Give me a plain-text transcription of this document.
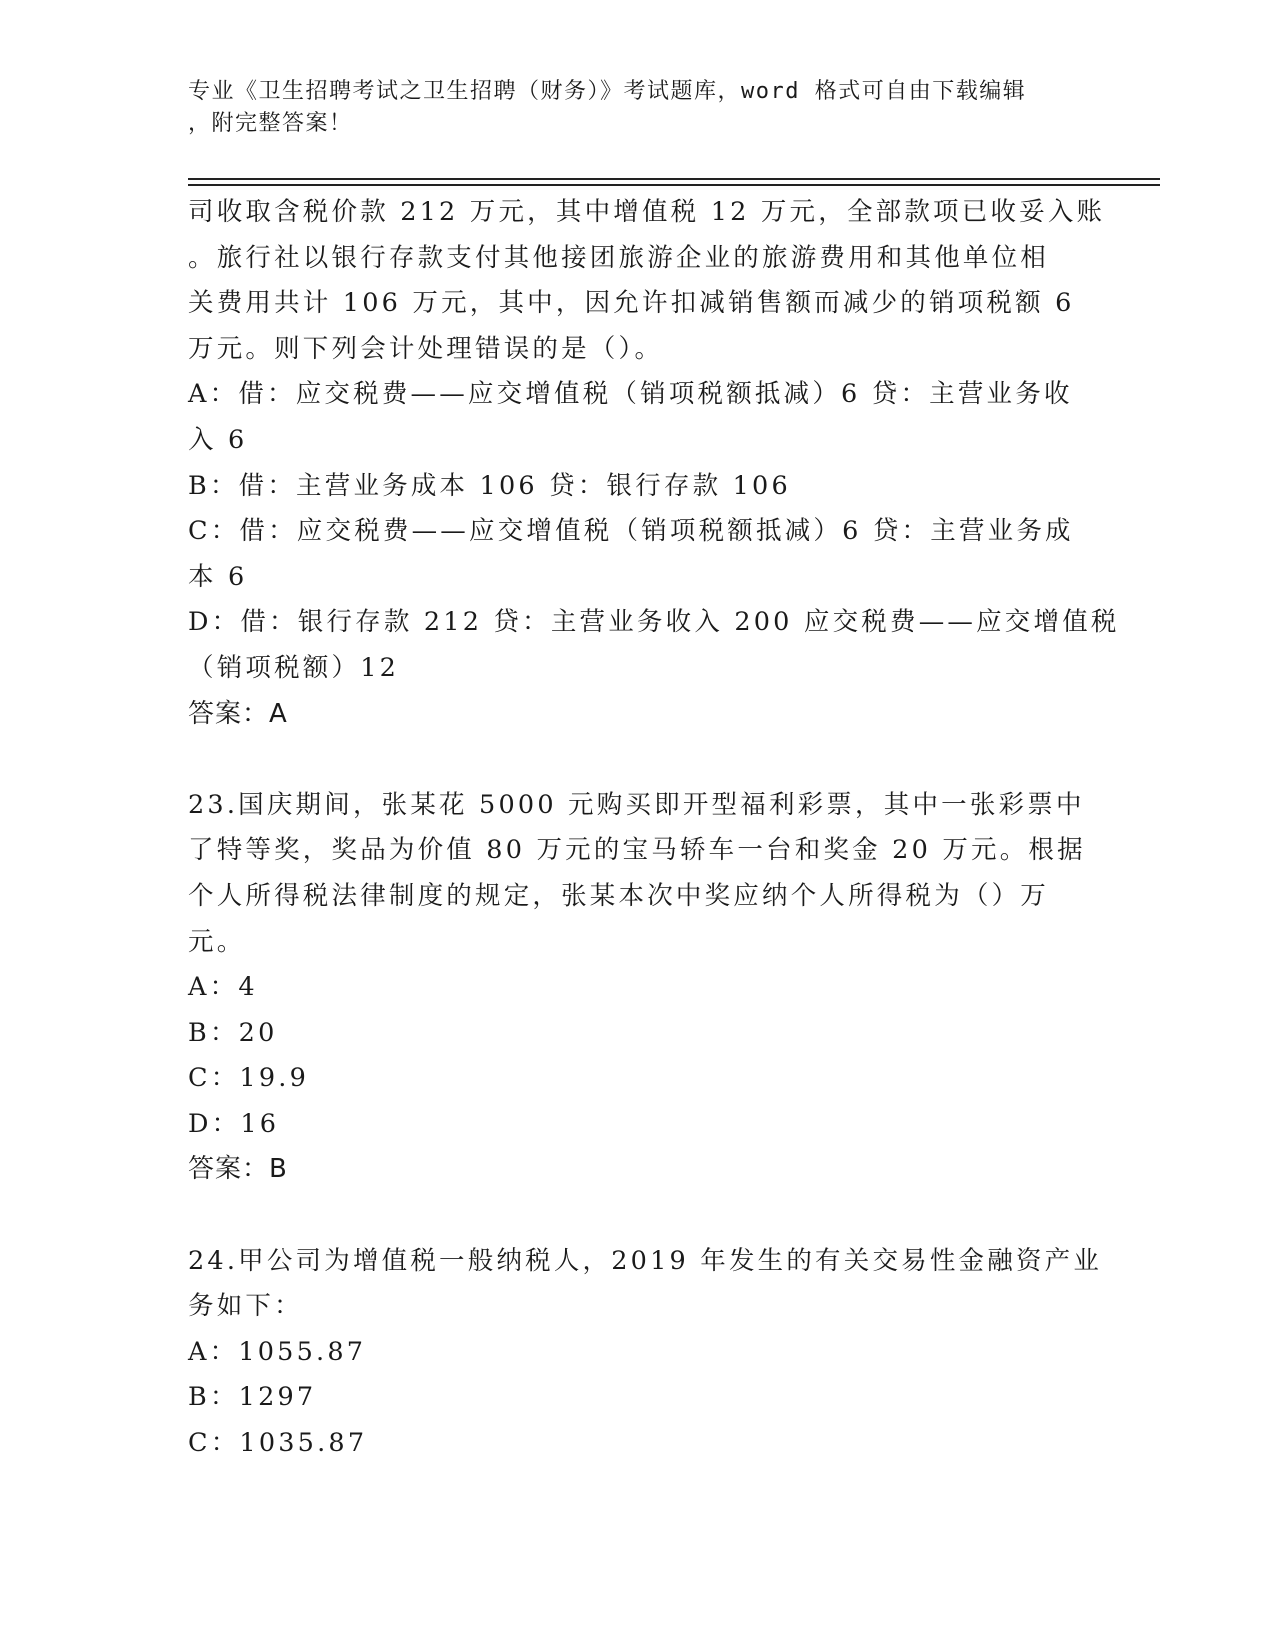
专业《卫生招聘考试之卫生招聘（财务）》考试题库，word 格式可自由下载编辑
，附完整答案！
司收取含税价款 212 万元，其中增值税 12 万元，全部款项已收妥入账
。旅行社以银行存款支付其他接团旅游企业的旅游费用和其他单位相
关费用共计 106 万元，其中，因允许扣减销售额而减少的销项税额 6
万元。则下列会计处理错误的是（）。
A：借：应交税费——应交增值税（销项税额抵减）6 贷：主营业务收
入 6
B：借：主营业务成本 106 贷：银行存款 106
C：借：应交税费——应交增值税（销项税额抵减）6 贷：主营业务成
本 6
D：借：银行存款 212 贷：主营业务收入 200 应交税费——应交增值税
（销项税额）12
答案：A
23.国庆期间，张某花 5000 元购买即开型福利彩票，其中一张彩票中
了特等奖，奖品为价值 80 万元的宝马轿车一台和奖金 20 万元。根据
个人所得税法律制度的规定，张某本次中奖应纳个人所得税为（）万
元。
A：4
B：20
C：19.9
D：16
答案：B
24.甲公司为增值税一般纳税人，2019 年发生的有关交易性金融资产业
务如下：
A：1055.87
B：1297
C：1035.87
